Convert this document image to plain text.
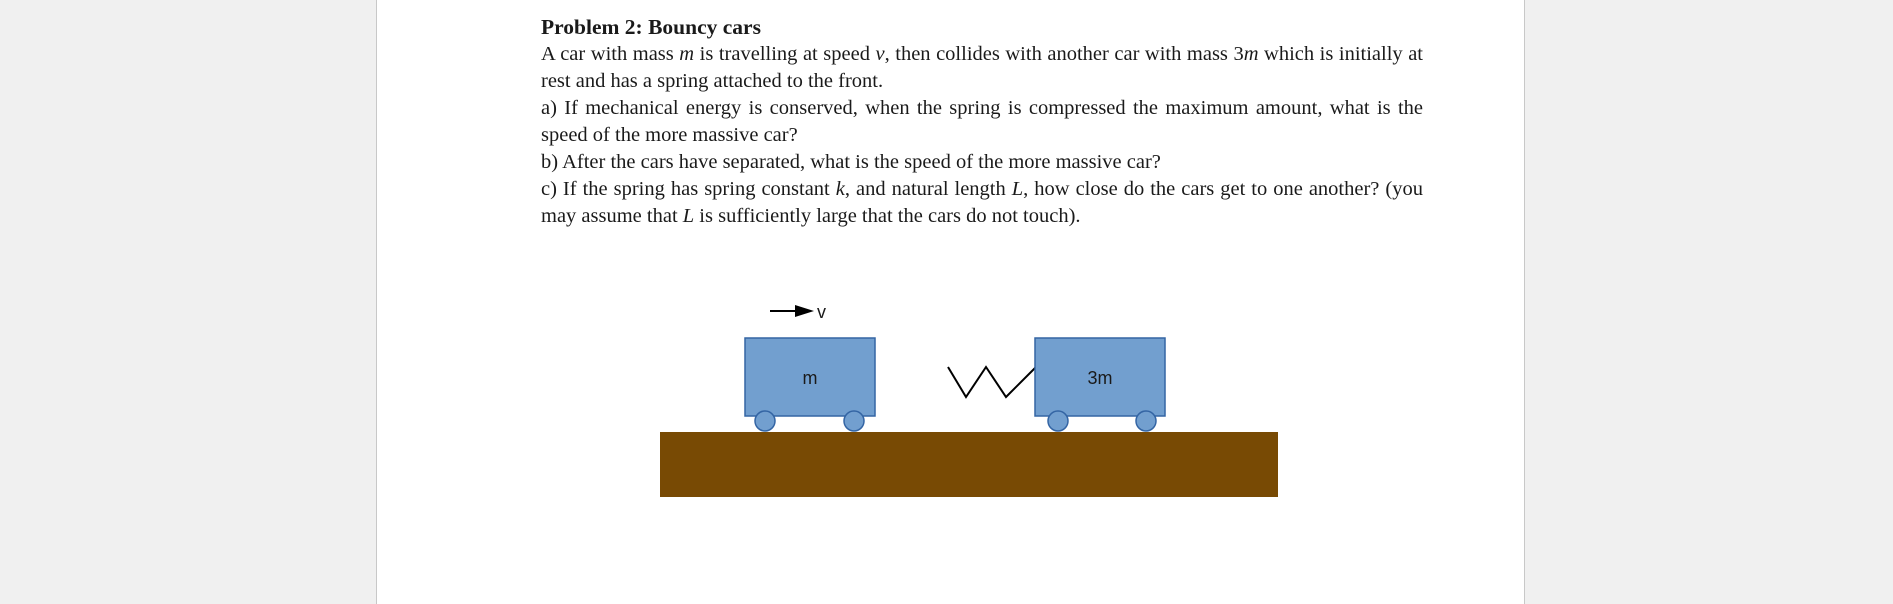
Problem 2: Bouncy cars

A car with mass m is travelling at speed v, then collides with another car with mass 3m which is initially at rest and has a spring attached to the front.

a) If mechanical energy is conserved, when the spring is compressed the maximum amount, what is the speed of the more massive car?

b) After the cars have separated, what is the speed of the more massive car?

c) If the spring has spring constant k, and natural length L, how close do the cars get to one another? (you may assume that L is sufficiently large that the cars do not touch).

v
m	3m
